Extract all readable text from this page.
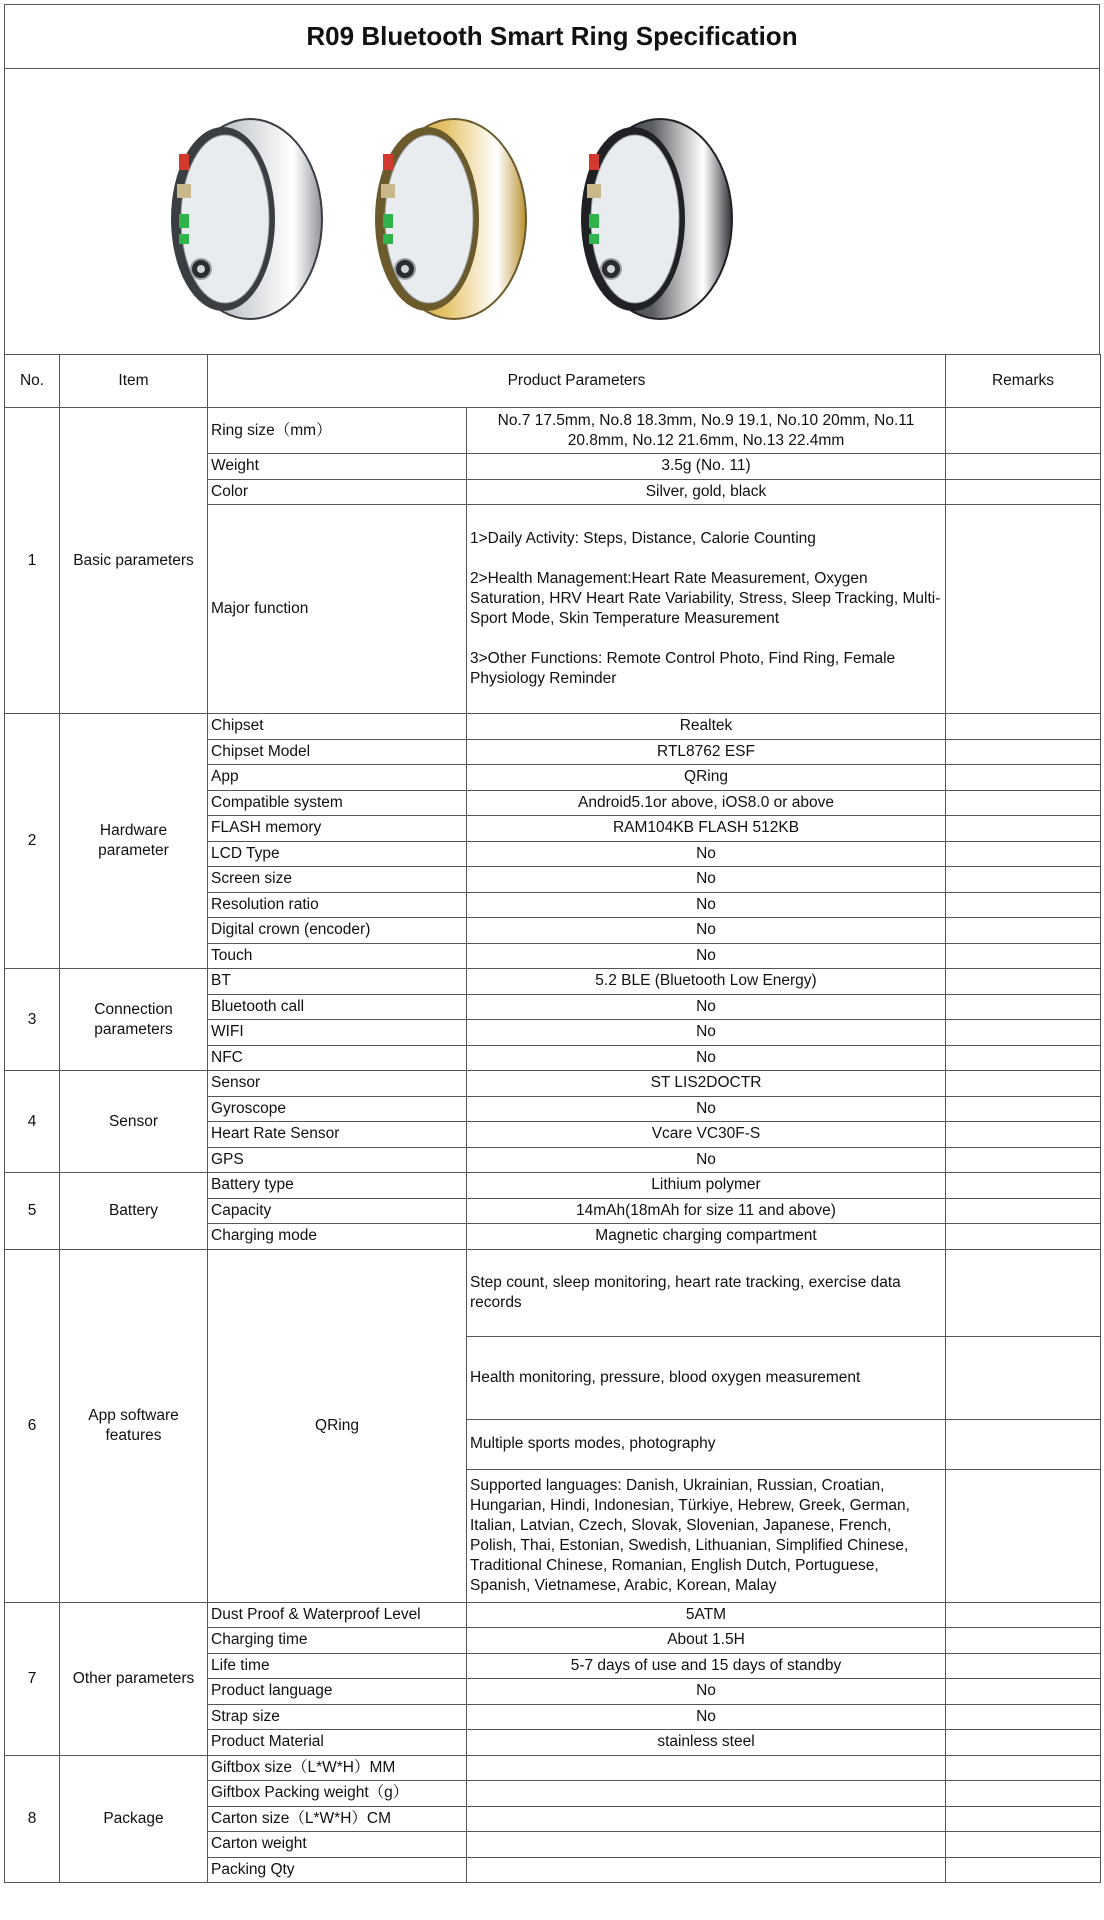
R09 Bluetooth Smart Ring Specification
No.	Item	Product Parameters		Remarks
1	Basic parameters	Ring size（mm）	No.7 17.5mm, No.8 18.3mm, No.9 19.1, No.10 20mm, No.11 20.8mm, No.12 21.6mm, No.13 22.4mm	
		Weight	3.5g (No. 11)	
		Color	Silver, gold, black	
		Major function	1>Daily Activity: Steps, Distance, Calorie Counting

2>Health Management:Heart Rate Measurement, Oxygen Saturation, HRV Heart Rate Variability, Stress, Sleep Tracking, Multi-Sport Mode, Skin Temperature Measurement

3>Other Functions: Remote Control Photo, Find Ring, Female Physiology Reminder	

2	Hardware parameter	Chipset	Realtek	
		Chipset Model	RTL8762 ESF	
		App	QRing	
		Compatible system	Android5.1or above, iOS8.0 or above	
		FLASH memory	RAM104KB FLASH 512KB	
		LCD Type	No	
		Screen size	No	
		Resolution ratio	No	
		Digital crown (encoder)	No	
		Touch	No	
3	Connection parameters	BT	5.2 BLE (Bluetooth Low Energy)	
		Bluetooth call	No	
		WIFI	No	
		NFC	No	
4	Sensor	Sensor	ST LIS2DOCTR	
		Gyroscope	No	
		Heart Rate Sensor	Vcare VC30F-S	
		GPS	No	
5	Battery	Battery type	Lithium polymer	
		Capacity	14mAh(18mAh for size 11 and above)	
		Charging mode	Magnetic charging compartment	
6	App software features	QRing	Step count, sleep monitoring, heart rate tracking, exercise data records	
			Health monitoring, pressure, blood oxygen measurement	
			Multiple sports modes, photography	
			Supported languages: Danish, Ukrainian, Russian, Croatian, Hungarian, Hindi, Indonesian, Türkiye, Hebrew, Greek, German, Italian, Latvian, Czech, Slovak, Slovenian, Japanese, French, Polish, Thai, Estonian, Swedish, Lithuanian, Simplified Chinese, Traditional Chinese, Romanian, English Dutch, Portuguese, Spanish, Vietnamese, Arabic, Korean, Malay	
7	Other parameters	Dust Proof & Waterproof Level	5ATM	
		Charging time	About 1.5H	
		Life time	5-7 days of use and 15 days of standby	
		Product language	No	
		Strap size	No	
		Product Material	stainless steel	
8	Package	Giftbox size（L*W*H）MM		
		Giftbox Packing weight（g）		
		Carton size（L*W*H）CM		
		Carton weight		
		Packing Qty		
